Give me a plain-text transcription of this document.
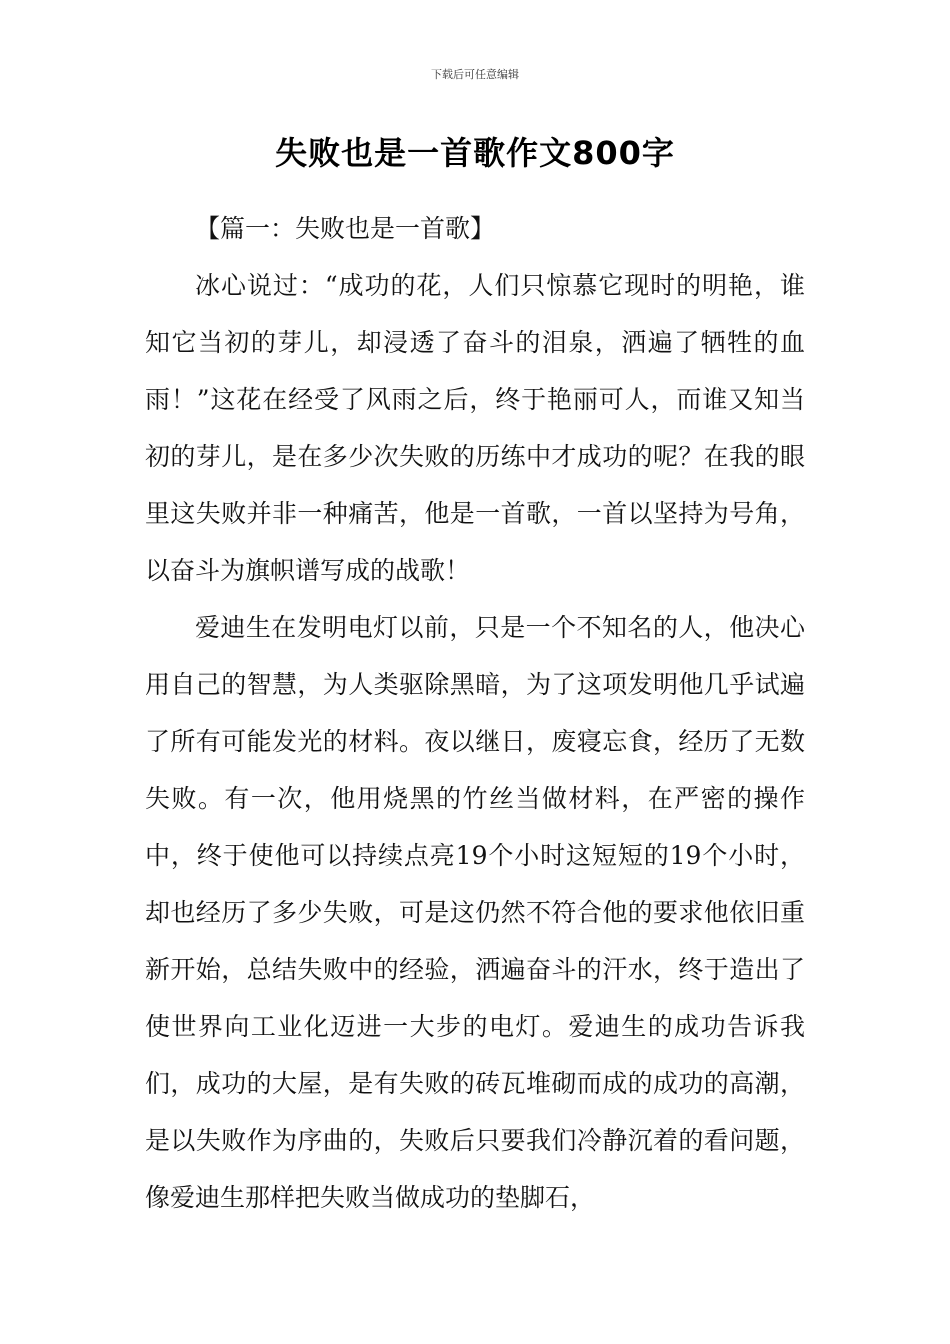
下载后可任意编辑
失败也是一首歌作文800字

【篇一：失败也是一首歌】

冰心说过：“成功的花，人们只惊慕它现时的明艳，谁知它当初的芽儿，却浸透了奋斗的泪泉，洒遍了牺牲的血雨！”这花在经受了风雨之后，终于艳丽可人，而谁又知当初的芽儿，是在多少次失败的历练中才成功的呢？在我的眼里这失败并非一种痛苦，他是一首歌，一首以坚持为号角，以奋斗为旗帜谱写成的战歌！

爱迪生在发明电灯以前，只是一个不知名的人，他决心用自己的智慧，为人类驱除黑暗，为了这项发明他几乎试遍了所有可能发光的材料。夜以继日，废寝忘食，经历了无数失败。有一次，他用烧黑的竹丝当做材料，在严密的操作中，终于使他可以持续点亮19个小时这短短的19个小时，却也经历了多少失败，可是这仍然不符合他的要求他依旧重新开始，总结失败中的经验，洒遍奋斗的汗水，终于造出了使世界向工业化迈进一大步的电灯。爱迪生的成功告诉我们，成功的大屋，是有失败的砖瓦堆砌而成的成功的高潮，是以失败作为序曲的，失败后只要我们冷静沉着的看问题，像爱迪生那样把失败当做成功的垫脚石，
